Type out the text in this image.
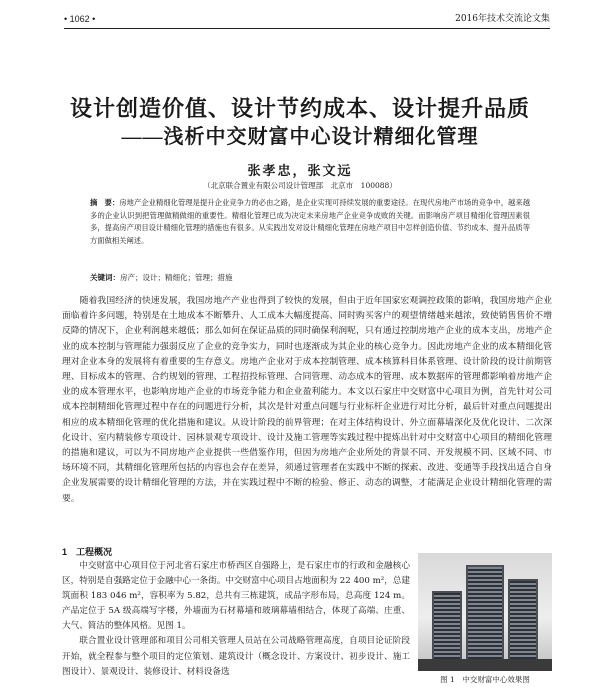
• 1062 •	2016年技术交流论文集
设计创造价值、设计节约成本、设计提升品质
——浅析中交财富中心设计精细化管理
张孝忠，张文远
（北京联合置业有限公司设计管理部　北京市　100088）
摘　要：房地产企业精细化管理是提升企业竞争力的必由之路，是企业实现可持续发展的重要途径。在现代房地产市场的竞争中，越来越多的企业认识到把管理做精做细的重要性。精细化管理已成为决定未来房地产企业竞争成败的关键。而影响房产项目精细化管理因素很多，提高房产项目设计精细化管理的措施也有很多。从实践出发对设计精细化管理在房地产项目中怎样创造价值、节约成本、提升品质等方面做相关阐述。
关键词：房产；设计；精细化；管理；措施
随着我国经济的快速发展，我国房地产产业也得到了较快的发展，但由于近年国家宏观调控政策的影响，我国房地产企业面临着许多问题，特别是在土地成本不断攀升、人工成本大幅度提高、同时购买客户的观望情绪越来越浓，致使销售售价不增反降的情况下，企业利润越来越低；那么如何在保证品质的同时确保利润呢，只有通过控制房地产企业的成本支出，房地产企业的成本控制与管理能力强弱反应了企业的竞争实力，同时也逐渐成为其企业的核心竞争力。因此房地产企业的成本精细化管理对企业本身的发展将有着重要的生存意义。房地产企业对于成本控制管理、成本核算科目体系管理、设计阶段的设计前期管理、目标成本的管理、合约规划的管理、工程招投标管理、合同管理、动态成本的管理、成本数据库的管理都影响着房地产企业的成本管理水平，也影响房地产企业的市场竞争能力和企业盈利能力。本文以石家庄中交财富中心项目为例，首先针对公司成本控制精细化管理过程中存在的问题进行分析，其次是针对重点问题与行业标杆企业进行对比分析，最后针对重点问题提出相应的成本精细化管理的优化措施和建议。从设计阶段的前界管理；在对主体结构设计、外立面幕墙深化及优化设计、二次深化设计、室内精装修专项设计、园林景观专项设计、设计及施工管理等实践过程中提炼出针对中交财富中心项目的精细化管理的措施和建议，可以为不同房地产企业提供一些借鉴作用，但因为房地产企业所处的背景不同、开发规模不同、区域不同、市场环境不同，其精细化管理所包括的内容也会存在差异，须通过管理者在实践中不断的探索、改进、变通等手段找出适合自身企业发展需要的设计精细化管理的方法，并在实践过程中不断的检验、修正、动态的调整，才能满足企业设计精细化管理的需要。
1　工程概况

中交财富中心项目位于河北省石家庄市桥西区自强路上，是石家庄市的行政和金融核心区，特别是自强路定位于金融中心一条街。中交财富中心项目占地面积为 22 400 m²，总建筑面积 183 046 m²，容积率为 5.82，总共有三栋建筑，成品字形布局，总高度 124 m。产品定位于 5A 级高端写字楼，外墙面为石材幕墙和玻璃幕墙相结合，体现了高端、庄重、大气、简洁的整体风格。见图 1。

联合置业设计管理部和项目公司相关管理人员站在公司战略管理高度，自项目论证阶段开始，就全程参与整个项目的定位策划、建筑设计（概念设计、方案设计、初步设计、施工图设计）、景观设计、装修设计、材料设备选

图 1　中交财富中心效果图
